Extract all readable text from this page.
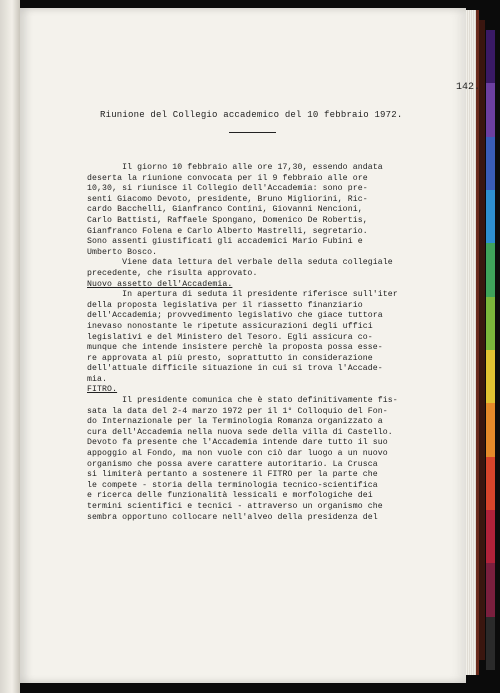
142.
Riunione del Collegio accademico del 10 febbraio 1972.
Il giorno 10 febbraio alle ore 17,30, essendo andata
deserta la riunione convocata per il 9 febbraio alle ore
10,30, si riunisce il Collegio dell'Accademia: sono pre-
senti Giacomo Devoto, presidente, Bruno Migliorini, Ric-
cardo Bacchelli, Gianfranco Contini, Giovanni Nencioni,
Carlo Battisti, Raffaele Spongano, Domenico De Robertis,
Gianfranco Folena e Carlo Alberto Mastrelli, segretario.
Sono assenti giustificati gli accademici Mario Fubini e
Umberto Bosco.
Viene data lettura del verbale della seduta collegiale
precedente, che risulta approvato.
Nuovo assetto dell'Accademia.
In apertura di seduta il presidente riferisce sull'iter
della proposta legislativa per il riassetto finanziario
dell'Accademia; provvedimento legislativo che giace tuttora
inevaso nonostante le ripetute assicurazioni degli uffici
legislativi e del Ministero del Tesoro. Egli assicura co-
munque che intende insistere perchè la proposta possa esse-
re approvata al più presto, soprattutto in considerazione
dell'attuale difficile situazione in cui si trova l'Accade-
mia.
FITRO.
Il presidente comunica che è stato definitivamente fis-
sata la data del 2-4 marzo 1972 per il 1° Colloquio del Fon-
do Internazionale per la Terminologia Romanza organizzato a
cura dell'Accademia nella nuova sede della villa di Castello.
Devoto fa presente che l'Accademia intende dare tutto il suo
appoggio al Fondo, ma non vuole con ciò dar luogo a un nuovo
organismo che possa avere carattere autoritario. La Crusca
si limiterà pertanto a sostenere il FITRO per la parte che
le compete - storia della terminologia tecnico-scientifica
e ricerca delle funzionalità lessicali e morfologiche dei
termini scientifici e tecnici - attraverso un organismo che
sembra opportuno collocare nell'alveo della presidenza del
